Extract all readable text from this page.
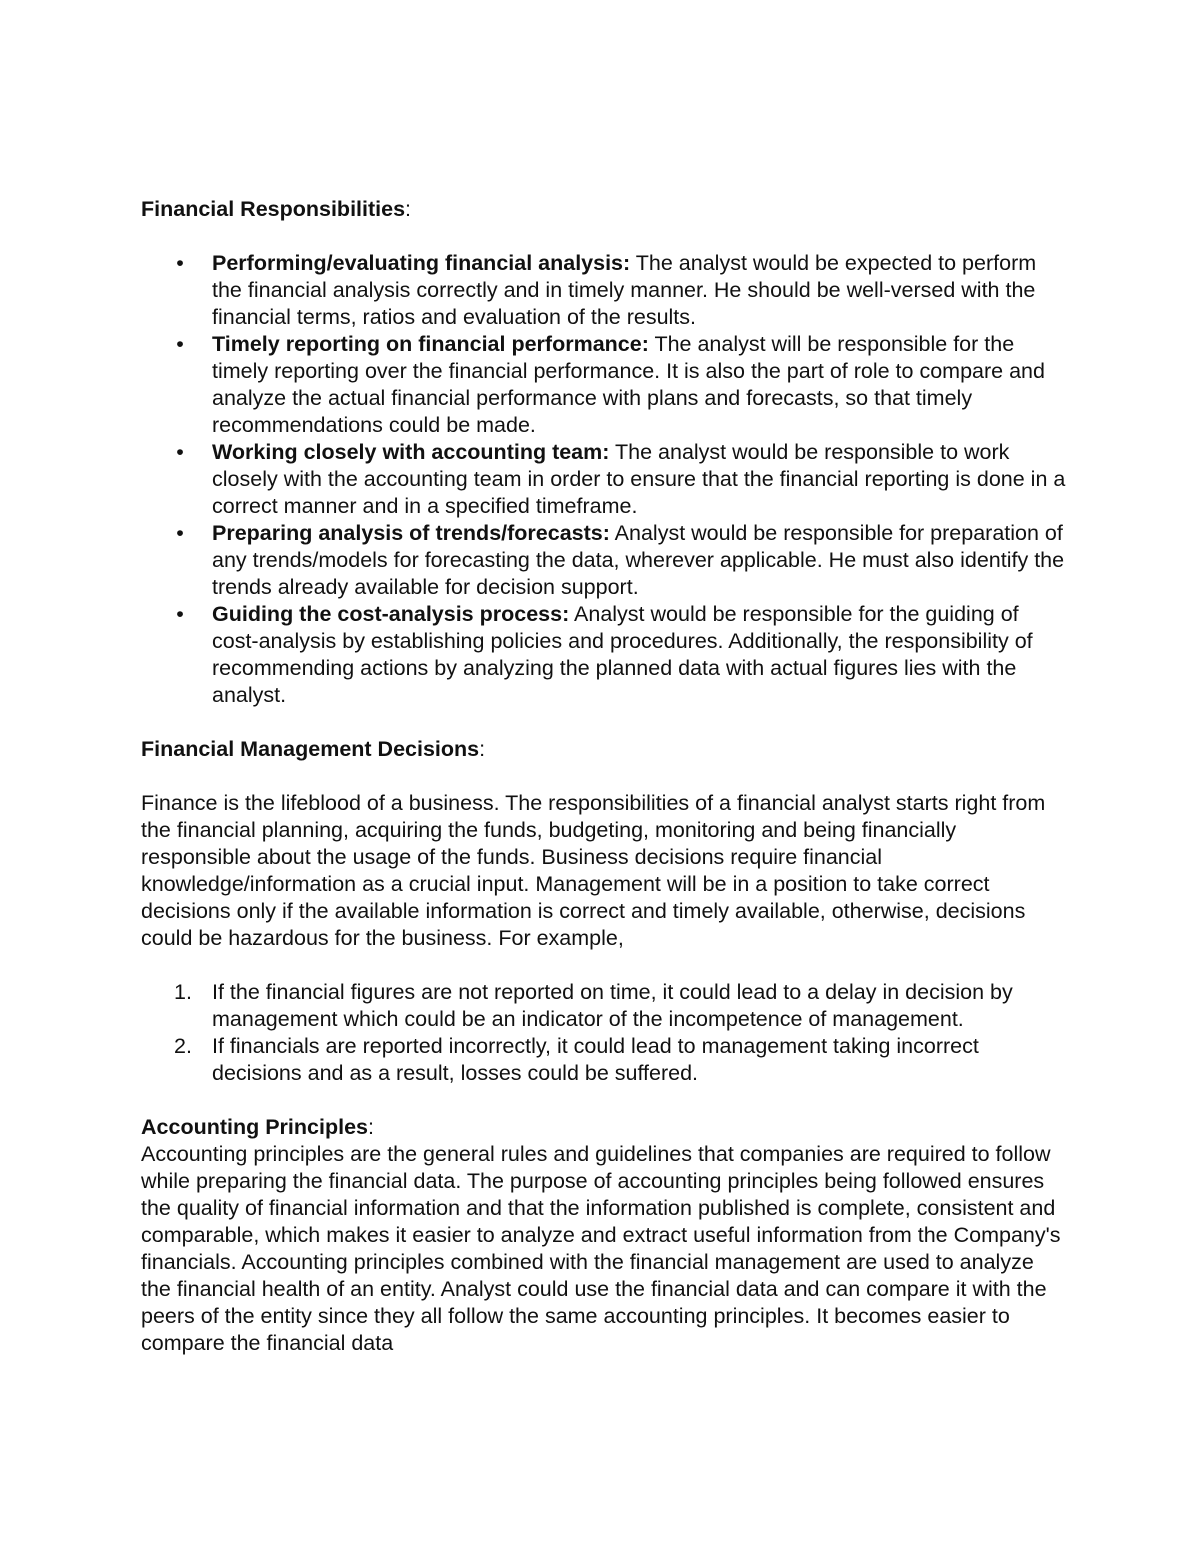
Financial Responsibilities:

• Performing/evaluating financial analysis: The analyst would be expected to perform the financial analysis correctly and in timely manner. He should be well-versed with the financial terms, ratios and evaluation of the results.
• Timely reporting on financial performance: The analyst will be responsible for the timely reporting over the financial performance. It is also the part of role to compare and analyze the actual financial performance with plans and forecasts, so that timely recommendations could be made.
• Working closely with accounting team: The analyst would be responsible to work closely with the accounting team in order to ensure that the financial reporting is done in a correct manner and in a specified timeframe.
• Preparing analysis of trends/forecasts: Analyst would be responsible for preparation of any trends/models for forecasting the data, wherever applicable. He must also identify the trends already available for decision support.
• Guiding the cost-analysis process: Analyst would be responsible for the guiding of cost-analysis by establishing policies and procedures. Additionally, the responsibility of recommending actions by analyzing the planned data with actual figures lies with the analyst.

Financial Management Decisions:

Finance is the lifeblood of a business. The responsibilities of a financial analyst starts right from the financial planning, acquiring the funds, budgeting, monitoring and being financially responsible about the usage of the funds. Business decisions require financial knowledge/information as a crucial input. Management will be in a position to take correct decisions only if the available information is correct and timely available, otherwise, decisions could be hazardous for the business. For example,

1. If the financial figures are not reported on time, it could lead to a delay in decision by management which could be an indicator of the incompetence of management.
2. If financials are reported incorrectly, it could lead to management taking incorrect decisions and as a result, losses could be suffered.

Accounting Principles:

Accounting principles are the general rules and guidelines that companies are required to follow while preparing the financial data. The purpose of accounting principles being followed ensures the quality of financial information and that the information published is complete, consistent and comparable, which makes it easier to analyze and extract useful information from the Company's financials. Accounting principles combined with the financial management are used to analyze the financial health of an entity. Analyst could use the financial data and can compare it with the peers of the entity since they all follow the same accounting principles. It becomes easier to compare the financial data
